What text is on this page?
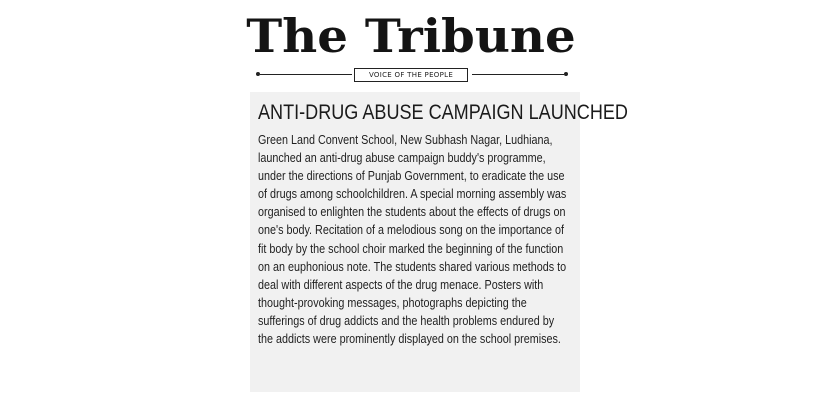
The Tribune
VOICE OF THE PEOPLE
ANTI-DRUG ABUSE CAMPAIGN LAUNCHED
Green Land Convent School, New Subhash Nagar, Ludhiana,
launched an anti-drug abuse campaign buddy's programme,
under the directions of Punjab Government, to eradicate the use
of drugs among schoolchildren. A special morning assembly was
organised to enlighten the students about the effects of drugs on
one's body. Recitation of a melodious song on the importance of
fit body by the school choir marked the beginning of the function
on an euphonious note. The students shared various methods to
deal with different aspects of the drug menace. Posters with
thought-provoking messages, photographs depicting the
sufferings of drug addicts and the health problems endured by
the addicts were prominently displayed on the school premises.
